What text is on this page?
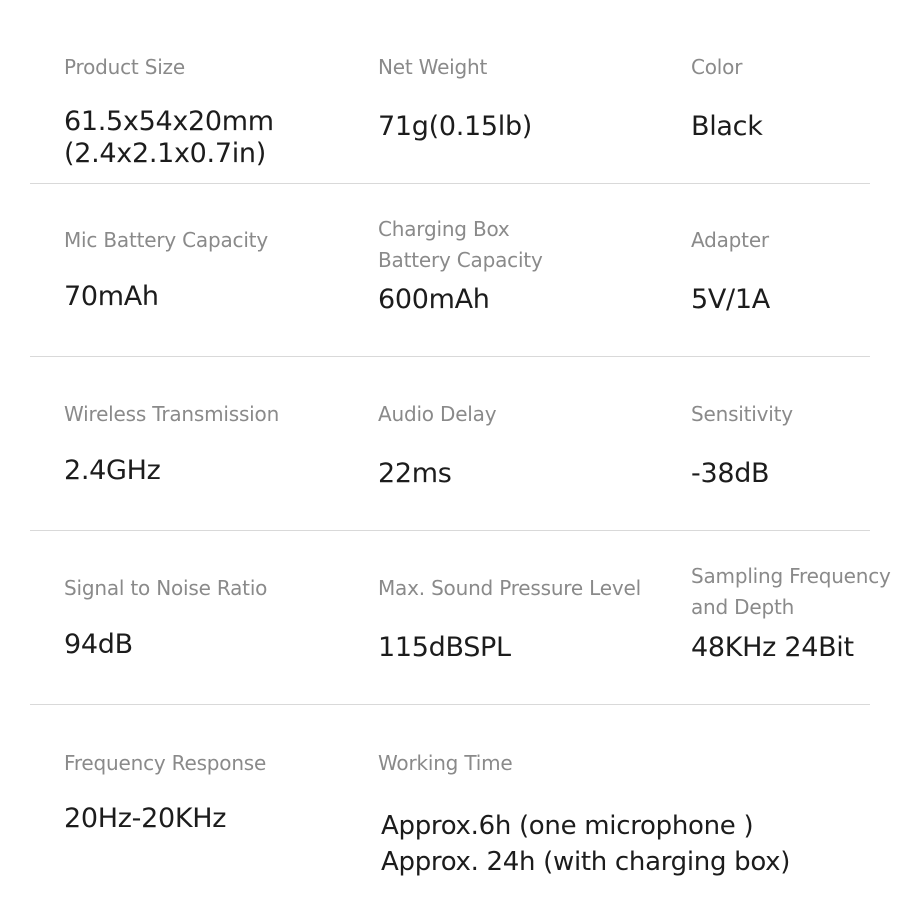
Product Size
61.5x54x20mm
(2.4x2.1x0.7in)
Net Weight
71g(0.15lb)
Color
Black
Mic Battery Capacity
70mAh
Charging Box
Battery Capacity
600mAh
Adapter
5V/1A
Wireless Transmission
2.4GHz
Audio Delay
22ms
Sensitivity
-38dB
Signal to Noise Ratio
94dB
Max. Sound Pressure Level
115dBSPL
Sampling Frequency
and Depth
48KHz 24Bit
Frequency Response
20Hz-20KHz
Working Time
Approx.6h (one microphone )
Approx. 24h (with charging box)
